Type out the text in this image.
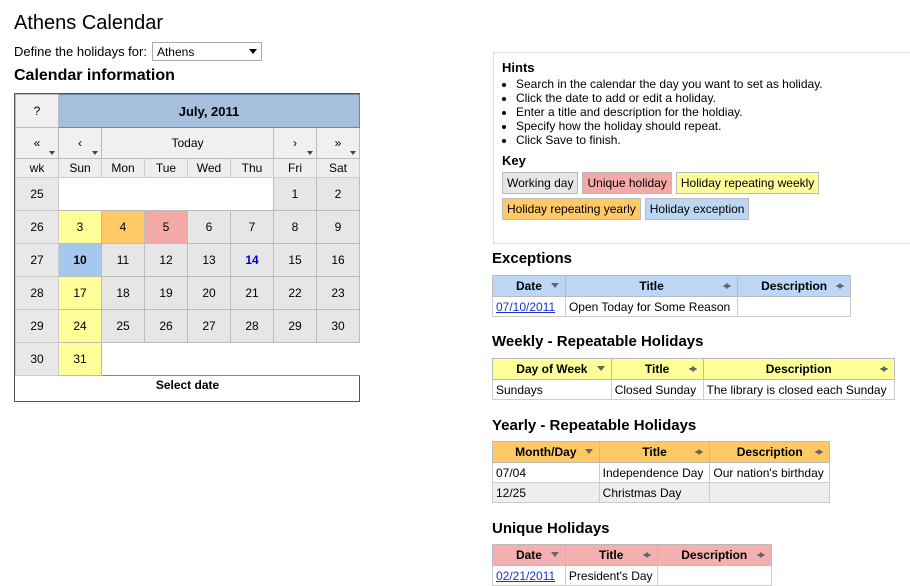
Athens Calendar
Define the holidays for: Athens
Calendar information
?	July, 2011						
«	‹	Today				›	»
wk	Sun	Mon	Tue	Wed	Thu	Fri	Sat
25						1	2
26	3	4	5	6	7	8	9
27	10	11	12	13	14	15	16
28	17	18	19	20	21	22	23
29	24	25	26	27	28	29	30
30	31						
Select date							
Hints
• Search in the calendar the day you want to set as holiday.
• Click the date to add or edit a holiday.
• Enter a title and description for the holdiay.
• Specify how the holiday should repeat.
• Click Save to finish.
Key
Working day	Unique holiday	Holiday repeating weekly
Holiday repeating yearly	Holiday exception
Exceptions
Date	Title	Description

07/10/2011	Open Today for Some Reason	
Weekly - Repeatable Holidays
Day of Week	Title	Description

Sundays	Closed Sunday	The library is closed each Sunday
Yearly - Repeatable Holidays
Month/Day	Title	Description

07/04	Independence Day	Our nation's birthday
12/25	Christmas Day	
Unique Holidays
Date	Title	Description

02/21/2011	President's Day	
